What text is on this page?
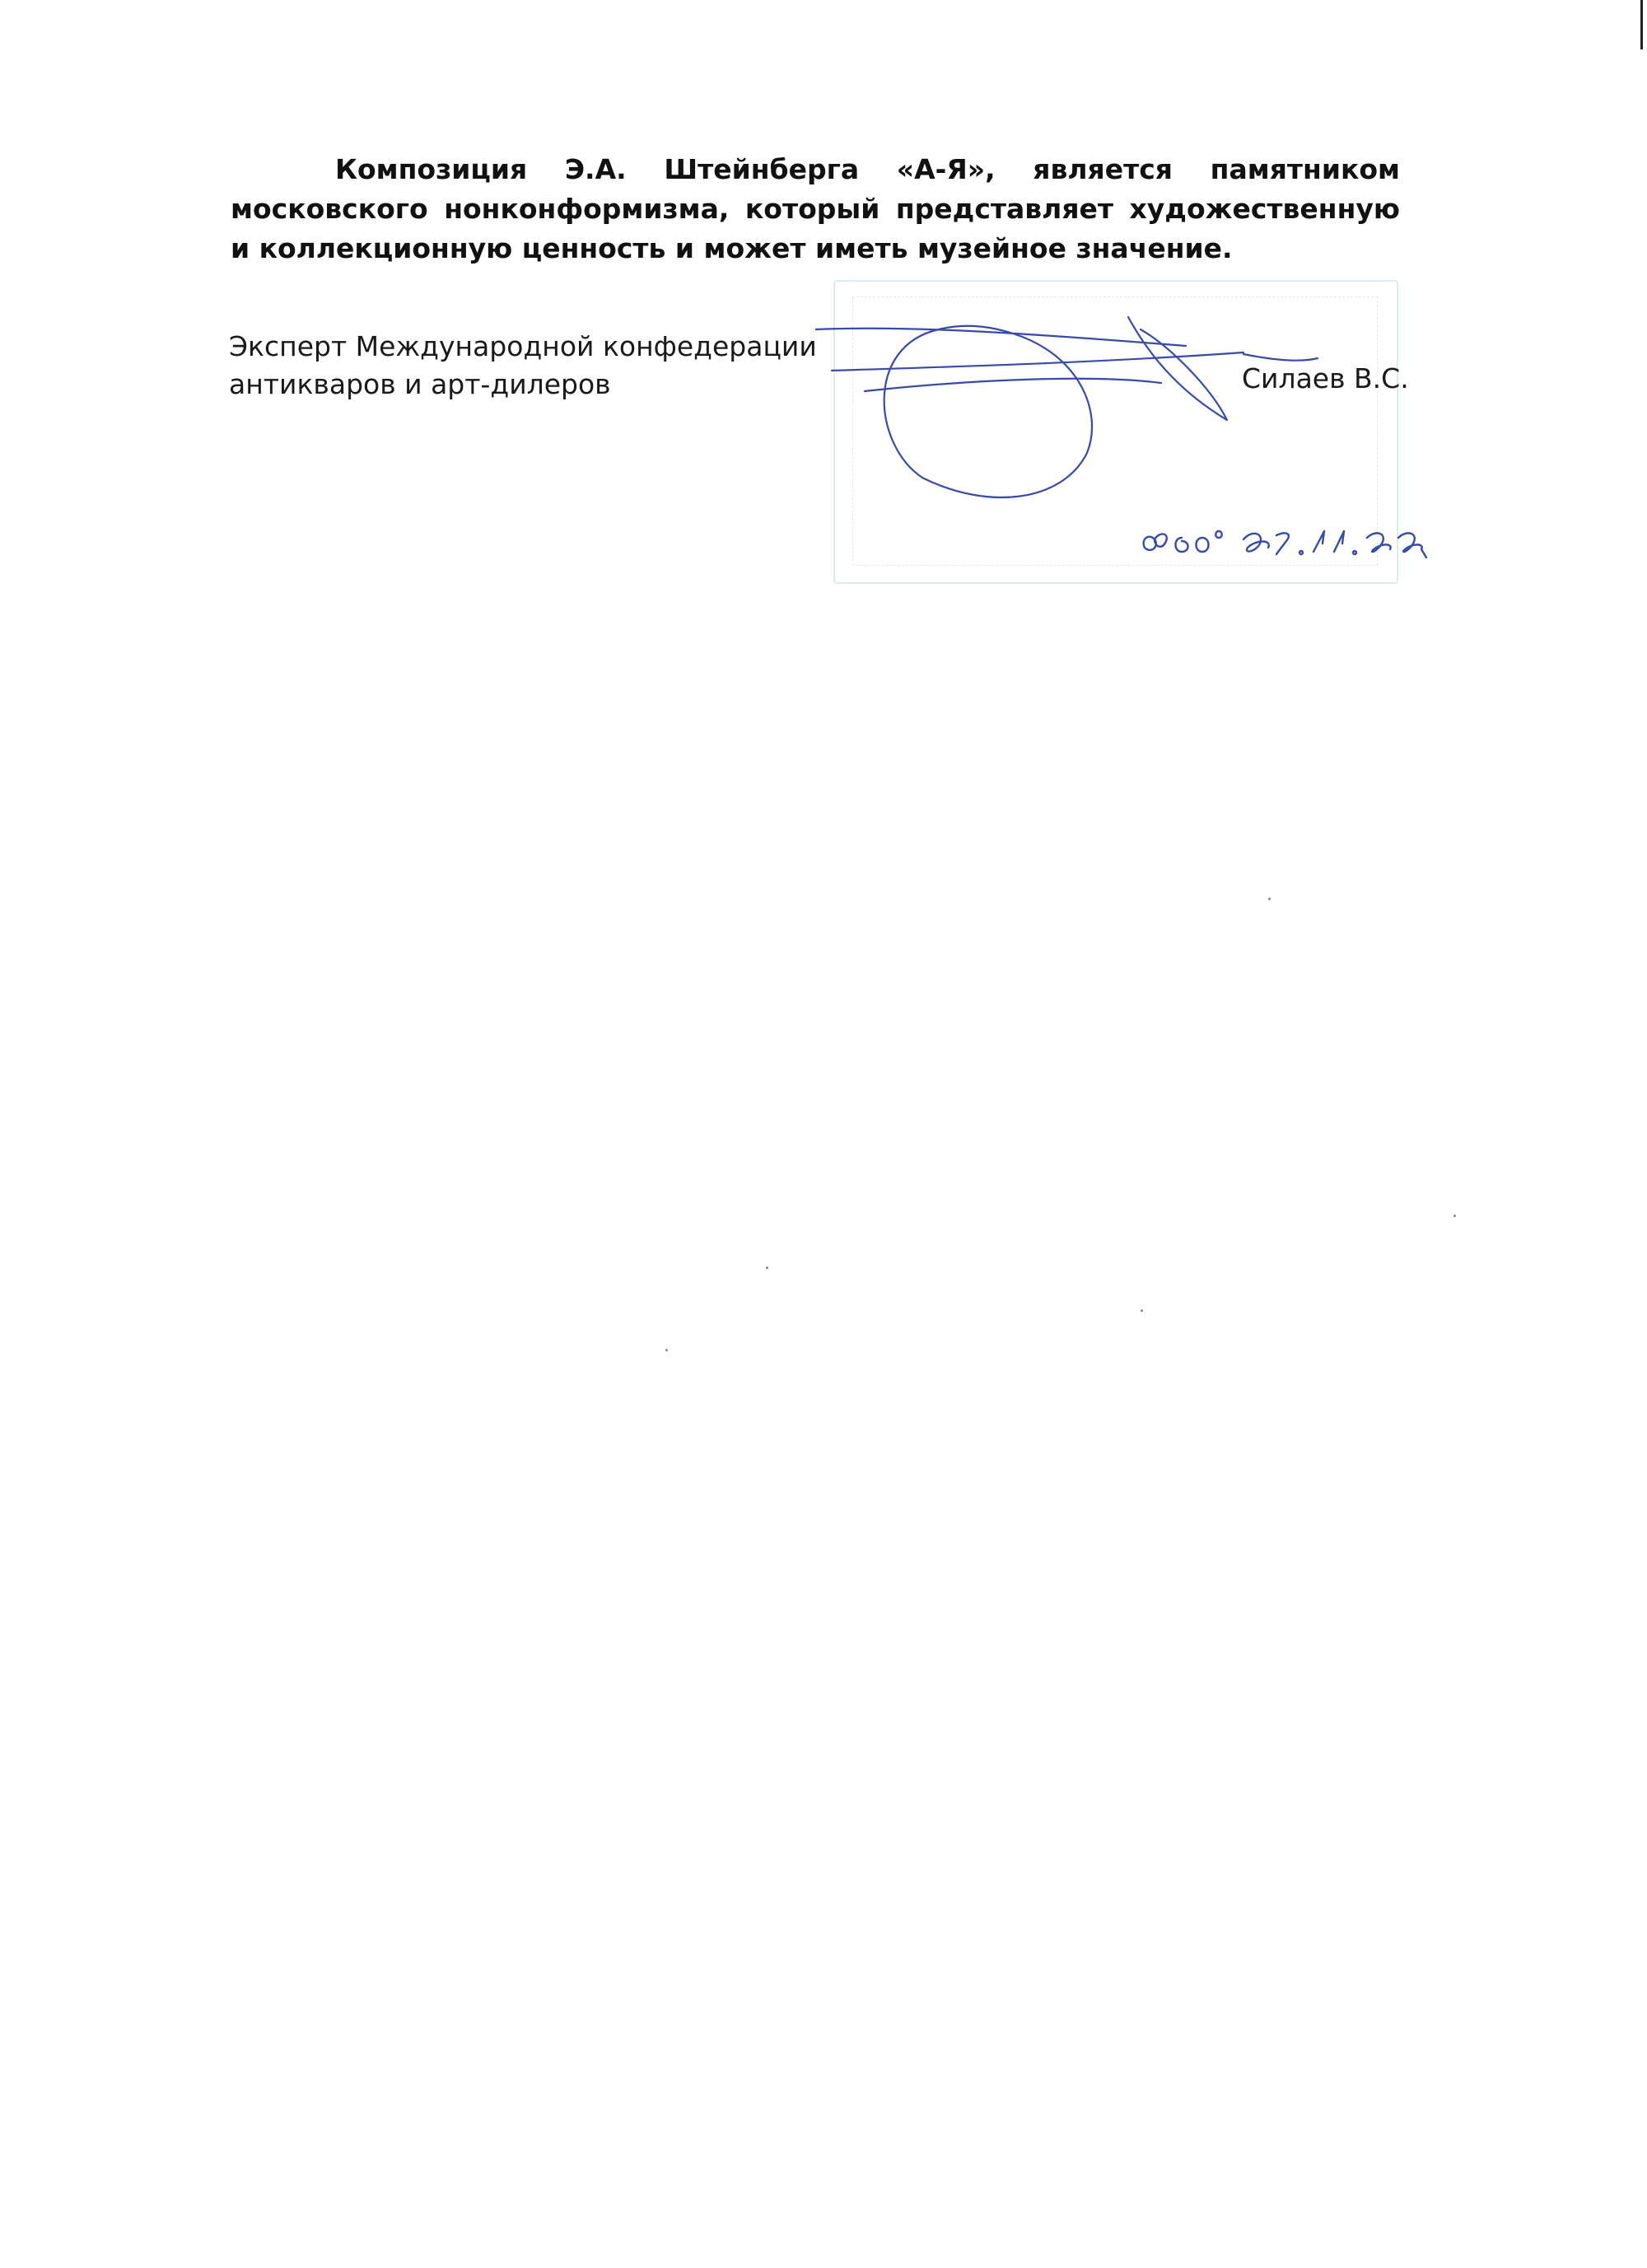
Композиция Э.А. Штейнберга «А-Я», является памятником московского нонконформизма, который представляет художественную и коллекционную ценность и может иметь музейное значение.

Эксперт Международной конфедерации
антикваров и арт-дилеров	Силаев В.С.
